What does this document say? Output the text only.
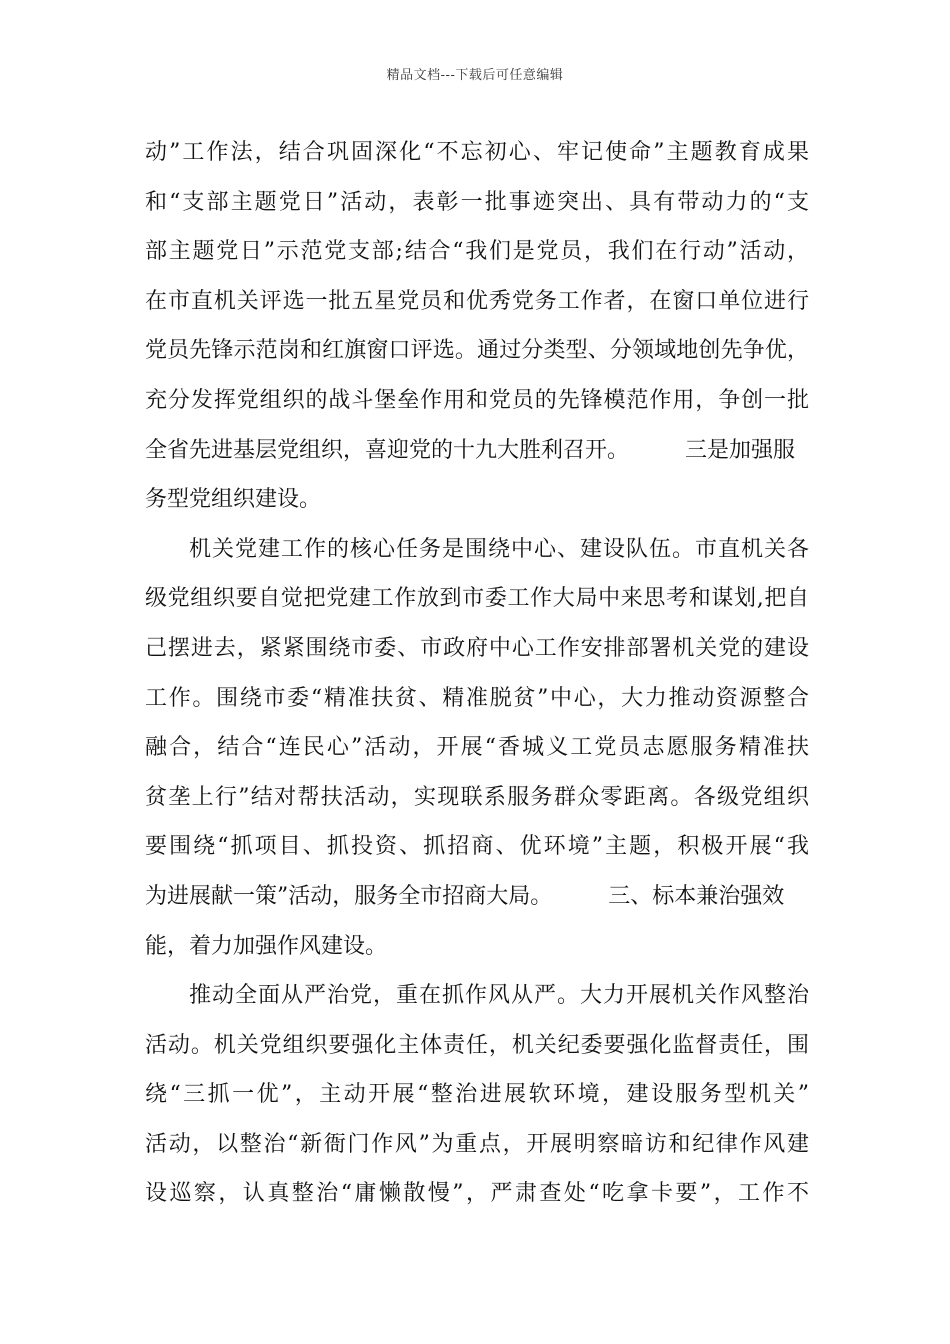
精品文档---下载后可任意编辑
动”工作法，结合巩固深化“不忘初心、牢记使命”主题教育成果
和“支部主题党日”活动，表彰一批事迹突出、具有带动力的“支
部主题党日”示范党支部;结合“我们是党员，我们在行动”活动，
在市直机关评选一批五星党员和优秀党务工作者，在窗口单位进行
党员先锋示范岗和红旗窗口评选。通过分类型、分领域地创先争优，
充分发挥党组织的战斗堡垒作用和党员的先锋模范作用，争创一批
全省先进基层党组织，喜迎党的十九大胜利召开。	三是加强服
务型党组织建设。
机关党建工作的核心任务是围绕中心、建设队伍。市直机关各
级党组织要自觉把党建工作放到市委工作大局中来思考和谋划,把自
己摆进去，紧紧围绕市委、市政府中心工作安排部署机关党的建设
工作。围绕市委“精准扶贫、精准脱贫”中心，大力推动资源整合
融合，结合“连民心”活动，开展“香城义工党员志愿服务精准扶
贫垄上行”结对帮扶活动，实现联系服务群众零距离。各级党组织
要围绕“抓项目、抓投资、抓招商、优环境”主题，积极开展“我
为进展献一策”活动，服务全市招商大局。	三、标本兼治强效
能，着力加强作风建设。
推动全面从严治党，重在抓作风从严。大力开展机关作风整治
活动。机关党组织要强化主体责任，机关纪委要强化监督责任，围
绕“三抓一优”，主动开展“整治进展软环境，建设服务型机关”
活动，以整治“新衙门作风”为重点，开展明察暗访和纪律作风建
设巡察，认真整治“庸懒散慢”，严肃查处“吃拿卡要”，工作不
